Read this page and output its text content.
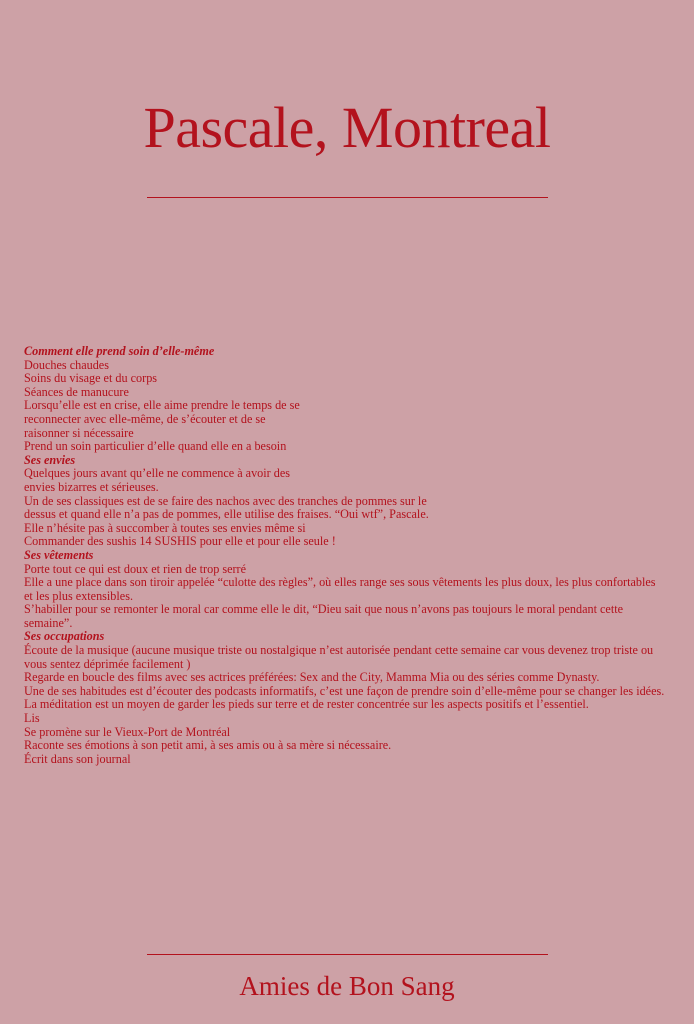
Pascale, Montreal
Comment elle prend soin d’elle-même
Douches chaudes
Soins du visage et du corps
Séances de manucure
Lorsqu’elle est en crise, elle aime prendre le temps de se
reconnecter avec elle-même, de s’écouter et de se
raisonner si nécessaire
Prend un soin particulier d’elle quand elle en a besoin
Ses envies
Quelques jours avant qu’elle ne commence à avoir des
envies bizarres et sérieuses.
Un de ses classiques est de se faire des nachos avec des tranches de pommes sur le
dessus et quand elle n’a pas de pommes, elle utilise des fraises. “Oui wtf”, Pascale.
Elle n’hésite pas à succomber à toutes ses envies même si
Commander des sushis 14 SUSHIS pour elle et pour elle seule !
Ses vêtements
Porte tout ce qui est doux et rien de trop serré
Elle a une place dans son tiroir appelée “culotte des règles”, où elles range ses sous vêtements les plus doux, les plus confortables
et les plus extensibles.
S’habiller pour se remonter le moral car comme elle le dit, “Dieu sait que nous n’avons pas toujours le moral pendant cette
semaine”.
Ses occupations
Écoute de la musique (aucune musique triste ou nostalgique n’est autorisée pendant cette semaine car vous devenez trop triste ou
vous sentez déprimée facilement )
Regarde en boucle des films avec ses actrices préférées: Sex and the City, Mamma Mia ou des séries comme Dynasty.
Une de ses habitudes est d’écouter des podcasts informatifs, c’est une façon de prendre soin d’elle-même pour se changer les idées.
La méditation est un moyen de garder les pieds sur terre et de rester concentrée sur les aspects positifs et l’essentiel.
Lis
Se promène sur le Vieux-Port de Montréal
Raconte ses émotions à son petit ami, à ses amis ou à sa mère si nécessaire.
Écrit dans son journal
Amies de Bon Sang
